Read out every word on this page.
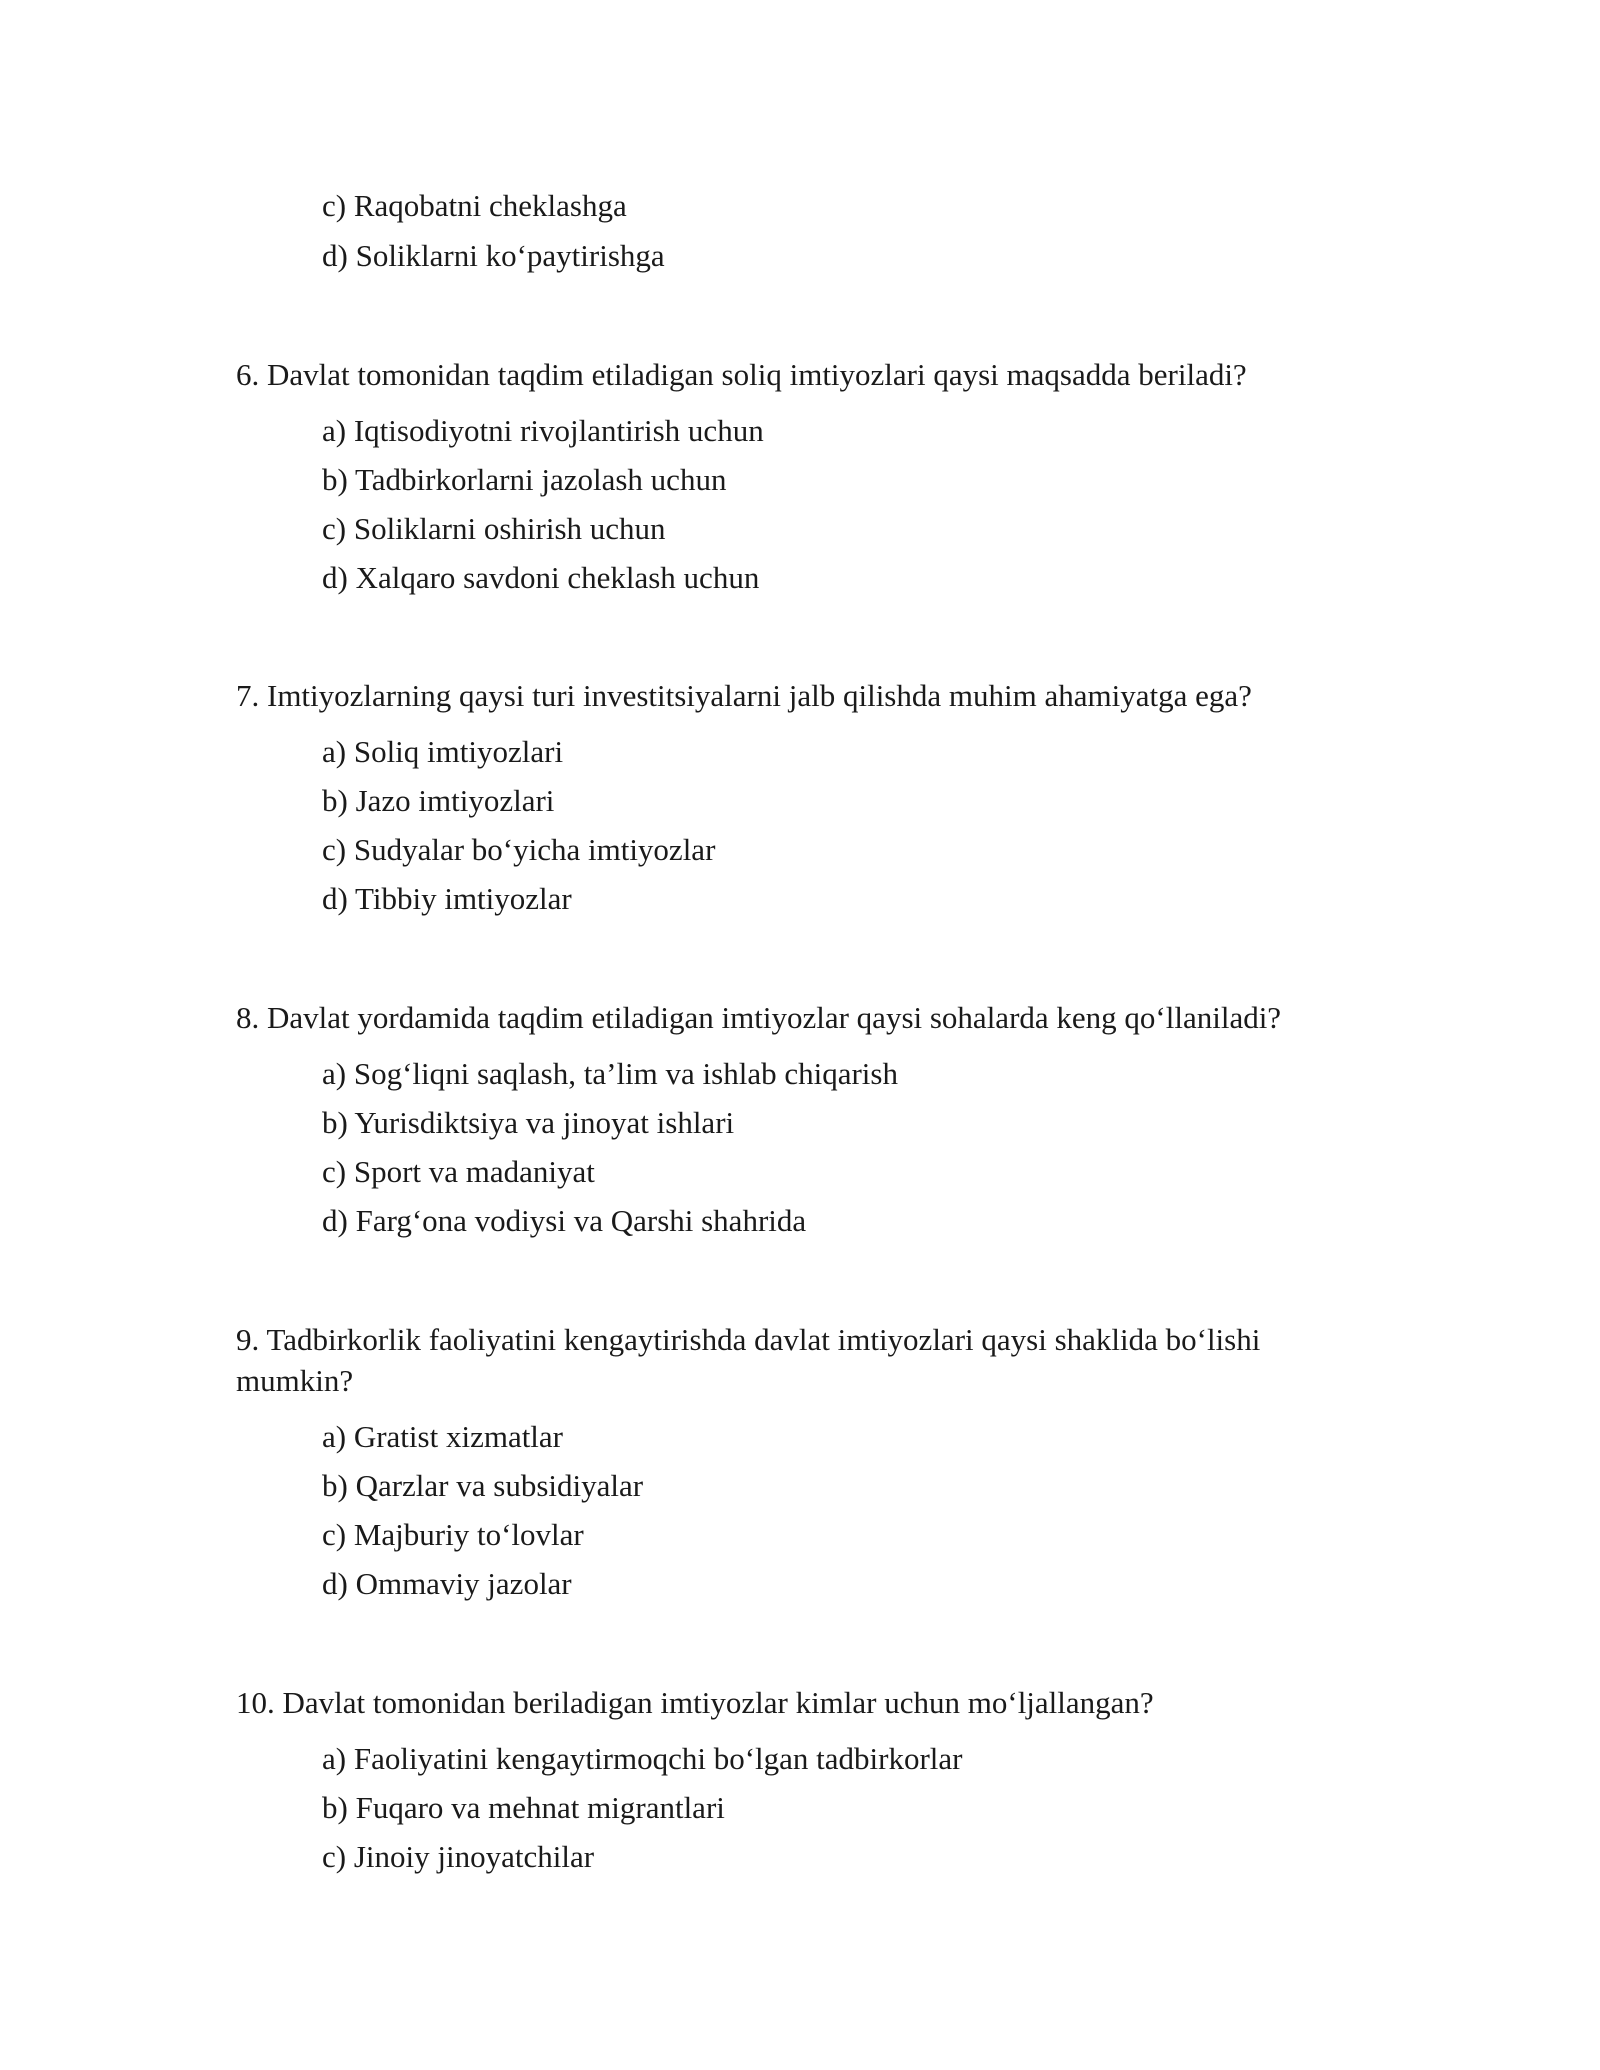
c) Raqobatni cheklashga
d) Soliklarni koʻpaytirishga
6. Davlat tomonidan taqdim etiladigan soliq imtiyozlari qaysi maqsadda beriladi?
a) Iqtisodiyotni rivojlantirish uchun
b) Tadbirkorlarni jazolash uchun
c) Soliklarni oshirish uchun
d) Xalqaro savdoni cheklash uchun
7. Imtiyozlarning qaysi turi investitsiyalarni jalb qilishda muhim ahamiyatga ega?
a) Soliq imtiyozlari
b) Jazo imtiyozlari
c) Sudyalar boʻyicha imtiyozlar
d) Tibbiy imtiyozlar
8. Davlat yordamida taqdim etiladigan imtiyozlar qaysi sohalarda keng qoʻllaniladi?
a) Sogʻliqni saqlash, ta’lim va ishlab chiqarish
b) Yurisdiktsiya va jinoyat ishlari
c) Sport va madaniyat
d) Fargʻona vodiysi va Qarshi shahrida
9. Tadbirkorlik faoliyatini kengaytirishda davlat imtiyozlari qaysi shaklida boʻlishi
mumkin?
a) Gratist xizmatlar
b) Qarzlar va subsidiyalar
c) Majburiy toʻlovlar
d) Ommaviy jazolar
10. Davlat tomonidan beriladigan imtiyozlar kimlar uchun moʻljallangan?
a) Faoliyatini kengaytirmoqchi boʻlgan tadbirkorlar
b) Fuqaro va mehnat migrantlari
c) Jinoiy jinoyatchilar
